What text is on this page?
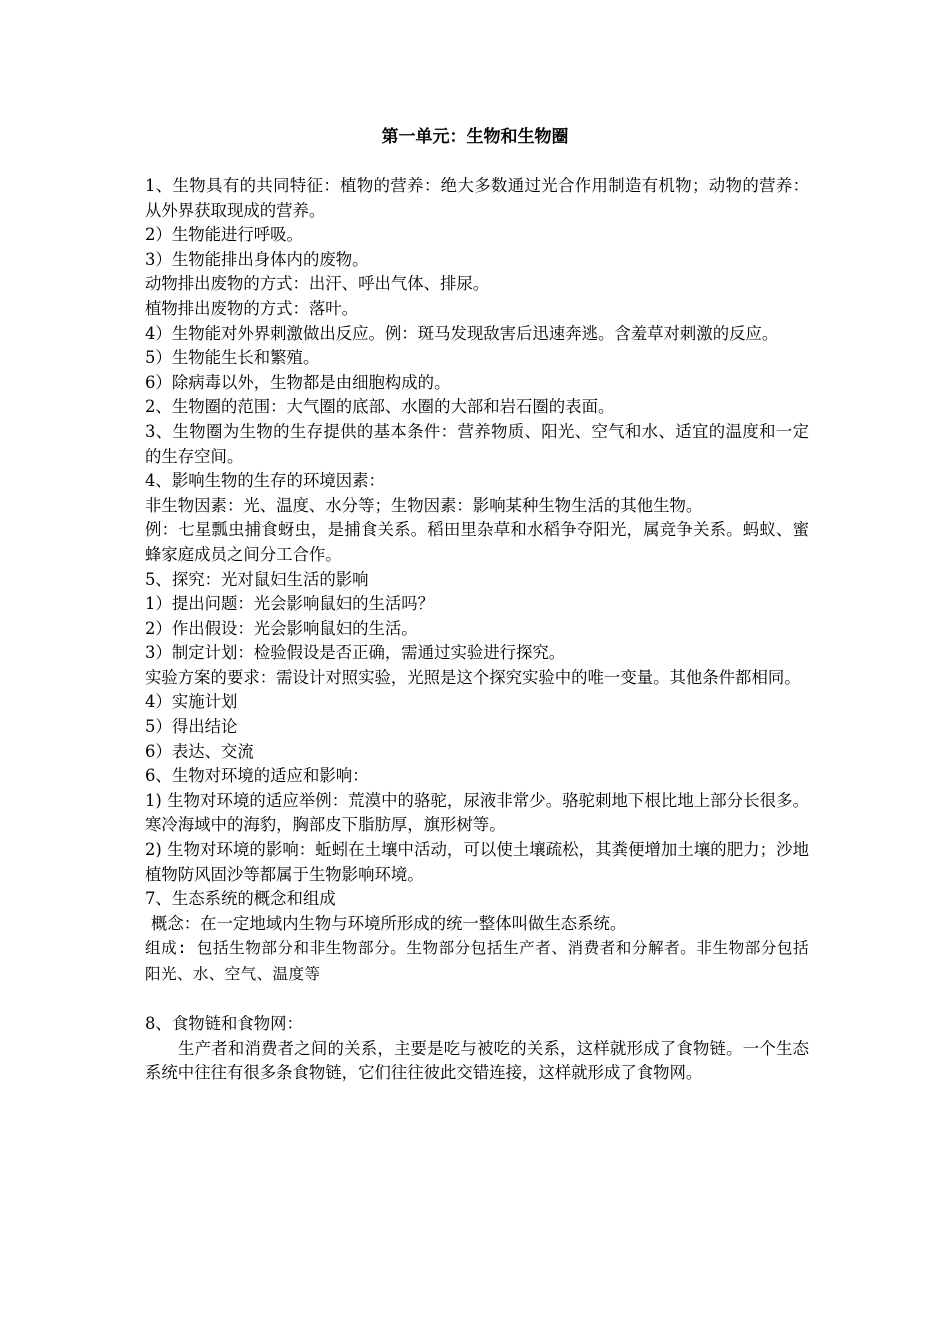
第一单元：生物和生物圈

1、生物具有的共同特征：植物的营养：绝大多数通过光合作用制造有机物；动物的营养：从外界获取现成的营养。

2）生物能进行呼吸。

3）生物能排出身体内的废物。

动物排出废物的方式：出汗、呼出气体、排尿。

植物排出废物的方式：落叶。

4）生物能对外界刺激做出反应。例：斑马发现敌害后迅速奔逃。含羞草对刺激的反应。

5）生物能生长和繁殖。

6）除病毒以外，生物都是由细胞构成的。

2、生物圈的范围：大气圈的底部、水圈的大部和岩石圈的表面。

3、生物圈为生物的生存提供的基本条件：营养物质、阳光、空气和水、适宜的温度和一定的生存空间。

4、影响生物的生存的环境因素：

非生物因素：光、温度、水分等；生物因素：影响某种生物生活的其他生物。

例：七星瓢虫捕食蚜虫，是捕食关系。稻田里杂草和水稻争夺阳光，属竞争关系。蚂蚁、蜜蜂家庭成员之间分工合作。

5、探究：光对鼠妇生活的影响

1）提出问题：光会影响鼠妇的生活吗？

2）作出假设：光会影响鼠妇的生活。

3）制定计划：检验假设是否正确，需通过实验进行探究。

实验方案的要求：需设计对照实验，光照是这个探究实验中的唯一变量。其他条件都相同。

4）实施计划

5）得出结论

6）表达、交流

6、生物对环境的适应和影响：

1) 生物对环境的适应举例：荒漠中的骆驼，尿液非常少。骆驼刺地下根比地上部分长很多。寒冷海域中的海豹，胸部皮下脂肪厚，旗形树等。

2) 生物对环境的影响：蚯蚓在土壤中活动，可以使土壤疏松，其粪便增加土壤的肥力；沙地植物防风固沙等都属于生物影响环境。

7、生态系统的概念和组成

概念：在一定地域内生物与环境所形成的统一整体叫做生态系统。

组成: 包括生物部分和非生物部分。生物部分包括生产者、消费者和分解者。非生物部分包括阳光、水、空气、温度等

8、食物链和食物网：

生产者和消费者之间的关系，主要是吃与被吃的关系，这样就形成了食物链。一个生态系统中往往有很多条食物链，它们往往彼此交错连接，这样就形成了食物网。
